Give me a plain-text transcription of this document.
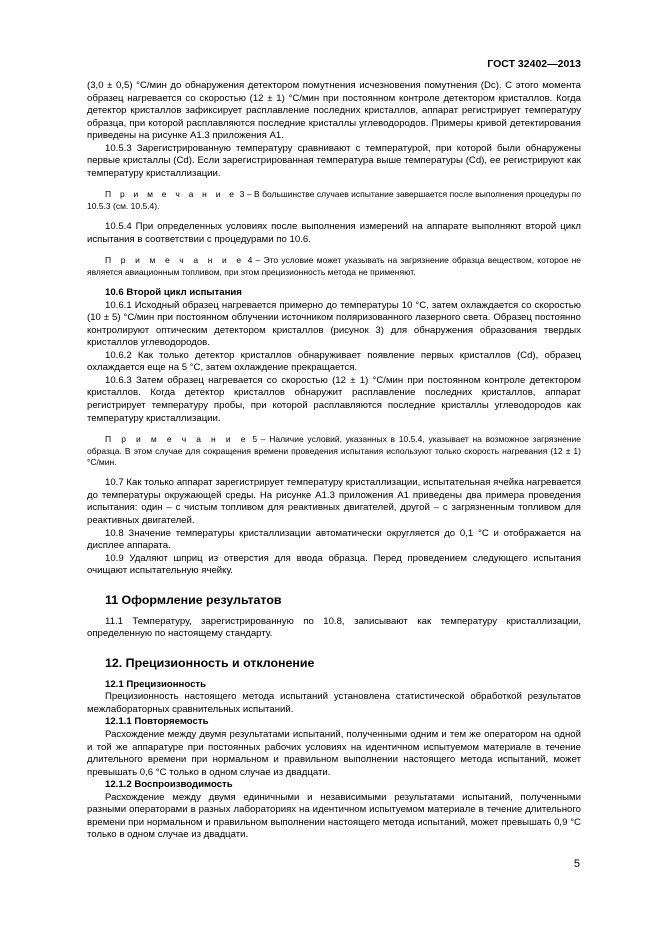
ГОСТ 32402—2013

(3,0 ± 0,5) °С/мин до обнаружения детектором помутнения исчезновения помутнения (Dс). С этого момента образец нагревается со скоростью (12 ± 1) °С/мин при постоянном контроле детектором кристаллов. Когда детектор кристаллов зафиксирует расплавление последних кристаллов, аппарат регистрирует температуру образца, при которой расплавляются последние кристаллы углеводородов. Примеры кривой детектирования приведены на рисунке А1.3 приложения А1.

10.5.3 Зарегистрированную температуру сравнивают с температурой, при которой были обнаружены первые кристаллы (Cd). Если зарегистрированная температура выше температуры (Cd), ее регистрируют как температуру кристаллизации.

П р и м е ч а н и е 3 – В большинстве случаев испытание завершается после выполнения процедуры по 10.5.3 (см. 10.5.4).

10.5.4 При определенных условиях после выполнения измерений на аппарате выполняют второй цикл испытания в соответствии с процедурами по 10.6.

П р и м е ч а н и е 4 – Это условие может указывать на загрязнение образца веществом, которое не является авиационным топливом, при этом прецизионность метода не применяют.

10.6 Второй цикл испытания

10.6.1 Исходный образец нагревается примерно до температуры 10 °С, затем охлаждается со скоростью (10 ± 5) °С/мин при постоянном облучении источником поляризованного лазерного света. Образец постоянно контролируют оптическим детектором кристаллов (рисунок 3) для обнаружения образования твердых кристаллов углеводородов.

10.6.2 Как только детектор кристаллов обнаруживает появление первых кристаллов (Cd), образец охлаждается еще на 5 °С, затем охлаждение прекращается.

10.6.3 Затем образец нагревается со скоростью (12 ± 1) °С/мин при постоянном контроле детектором кристаллов. Когда детектор кристаллов обнаружит расплавление последних кристаллов, аппарат регистрирует температуру пробы, при которой расплавляются последние кристаллы углеводородов как температуру кристаллизации.

П р и м е ч а н и е 5 – Наличие условий, указанных в 10.5.4, указывает на возможное загрязнение образца. В этом случае для сокращения времени проведения испытания используют только скорость нагревания (12 ± 1) °С/мин.

10.7 Как только аппарат зарегистрирует температуру кристаллизации, испытательная ячейка нагревается до температуры окружающей среды. На рисунке А1.3 приложения А1 приведены два примера проведения испытания: один – с чистым топливом для реактивных двигателей, другой – с загрязненным топливом для реактивных двигателей.

10.8 Значение температуры кристаллизации автоматически округляется до 0,1 °С и отображается на дисплее аппарата.

10.9 Удаляют шприц из отверстия для ввода образца. Перед проведением следующего испытания очищают испытательную ячейку.

11 Оформление результатов

11.1 Температуру, зарегистрированную по 10.8, записывают как температуру кристаллизации, определенную по настоящему стандарту.

12. Прецизионность и отклонение

12.1 Прецизионность

Прецизионность настоящего метода испытаний установлена статистической обработкой результатов межлабораторных сравнительных испытаний.

12.1.1 Повторяемость

Расхождение между двумя результатами испытаний, полученными одним и тем же оператором на одной и той же аппаратуре при постоянных рабочих условиях на идентичном испытуемом материале в течение длительного времени при нормальном и правильном выполнении настоящего метода испытаний, может превышать 0,6 °С только в одном случае из двадцати.

12.1.2 Воспроизводимость

Расхождение между двумя единичными и независимыми результатами испытаний, полученными разными операторами в разных лабораториях на идентичном испытуемом материале в течение длительного времени при нормальном и правильном выполнении настоящего метода испытаний, может превышать 0,9 °С только в одном случае из двадцати.

5
